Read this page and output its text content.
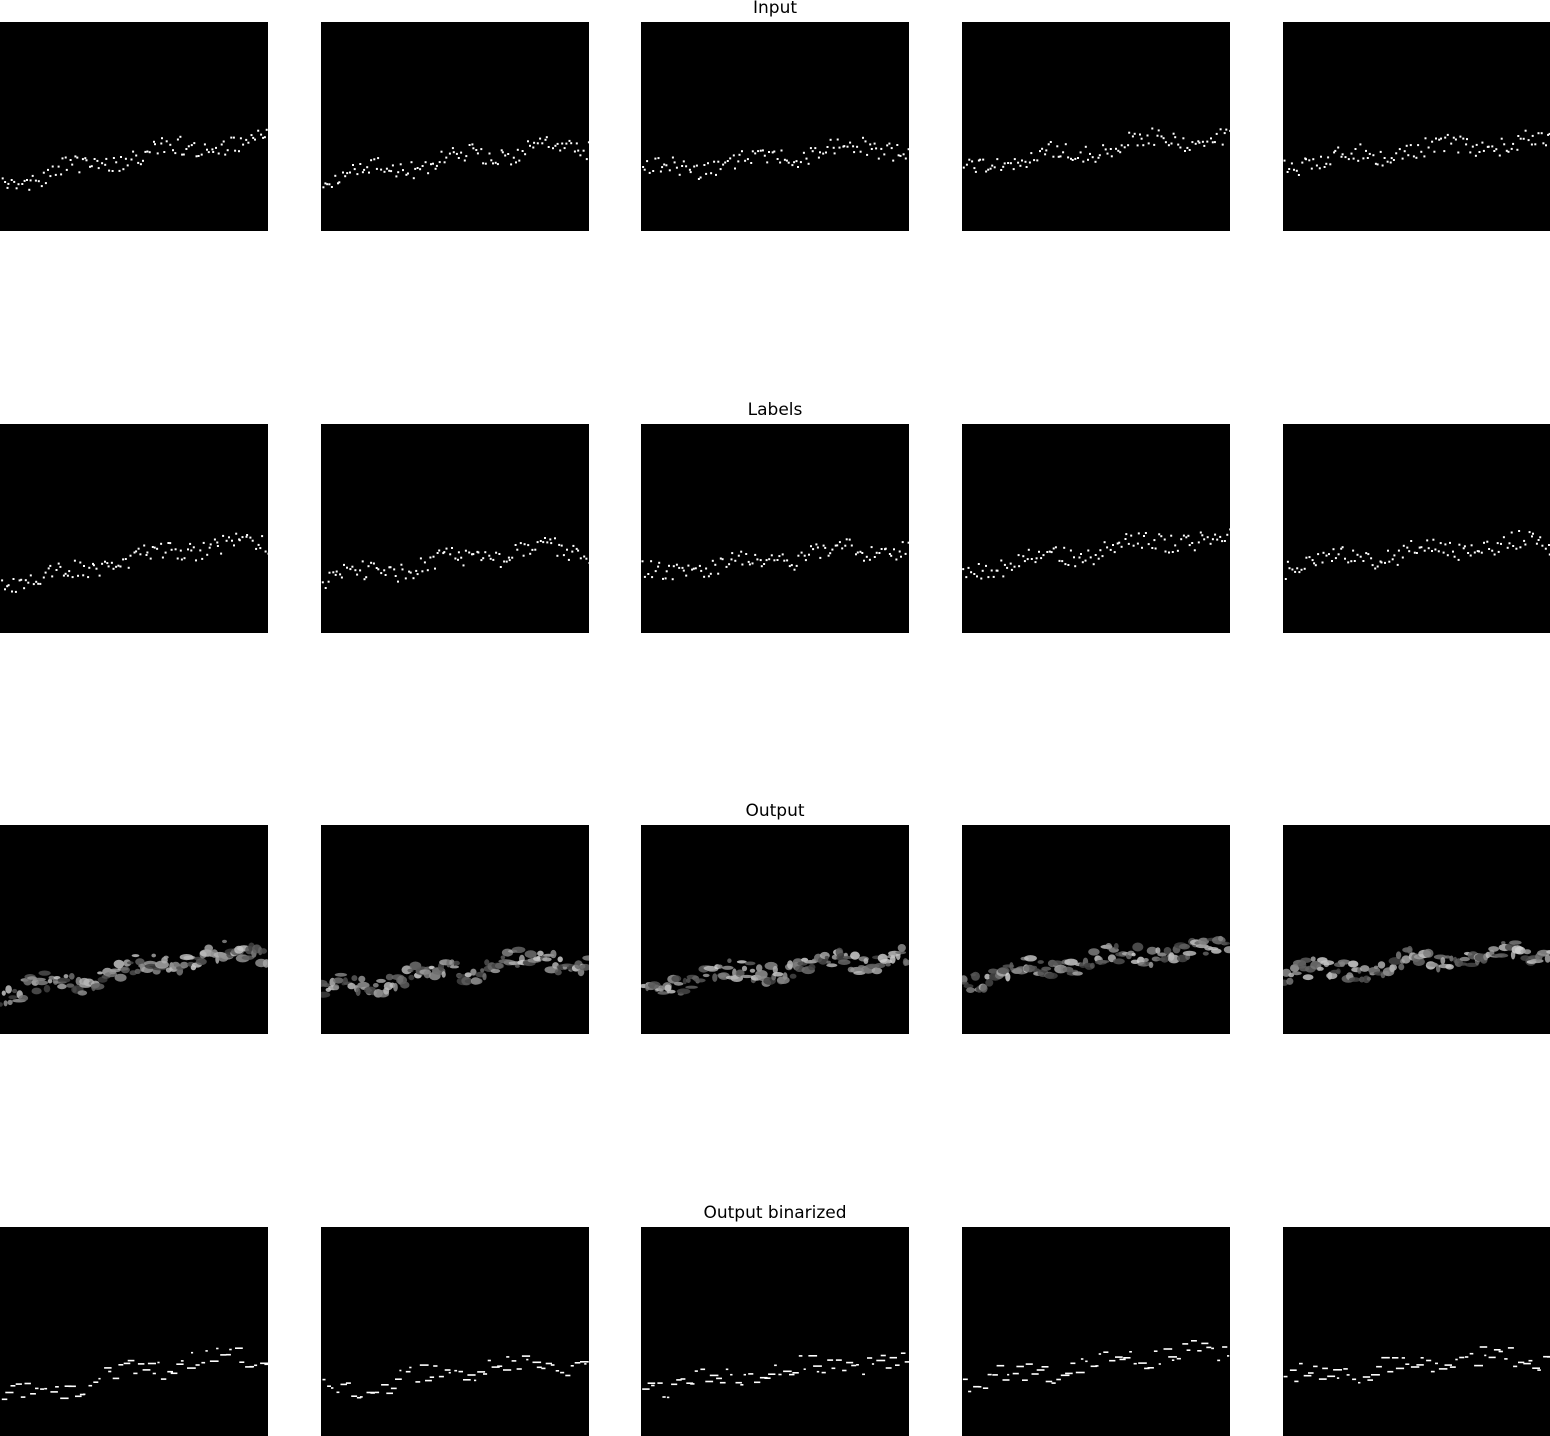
Input
Labels
Output
Output binarized
